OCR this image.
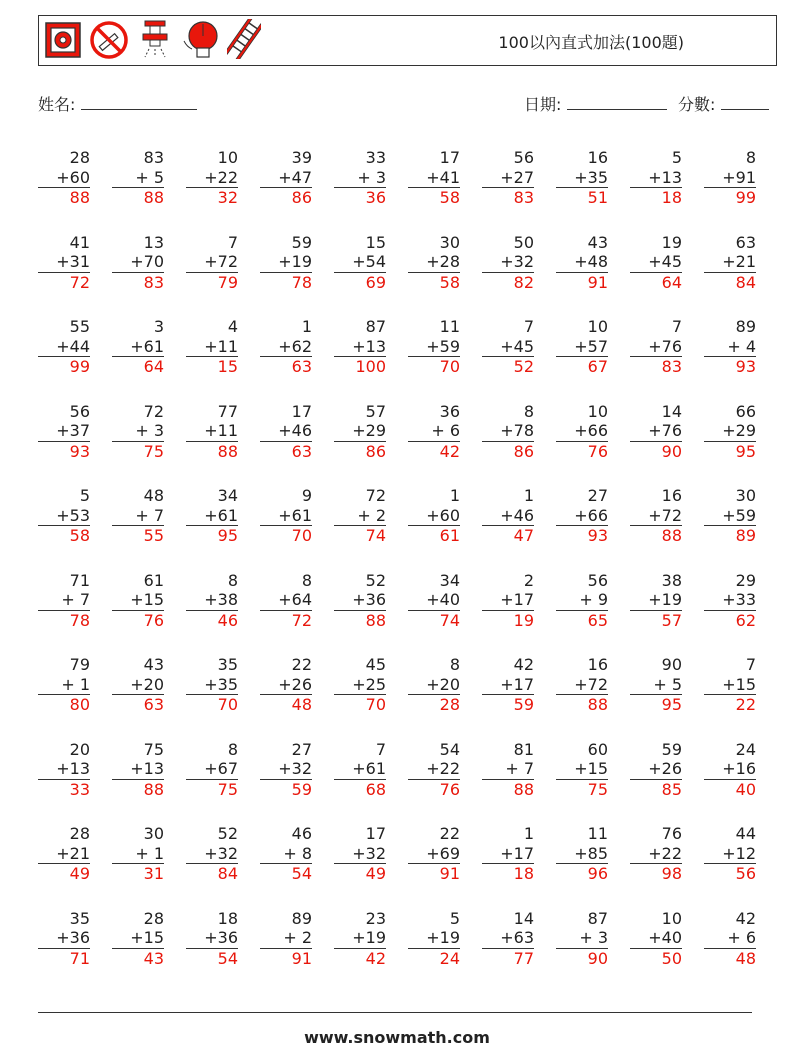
100以內直式加法(100題)
姓名:	日期:	分數:
28
+60
88
83
+ 5
88
10
+22
32
39
+47
86
33
+ 3
36
17
+41
58
56
+27
83
16
+35
51
5
+13
18
8
+91
99
41
+31
72
13
+70
83
7
+72
79
59
+19
78
15
+54
69
30
+28
58
50
+32
82
43
+48
91
19
+45
64
63
+21
84
55
+44
99
3
+61
64
4
+11
15
1
+62
63
87
+13
100
11
+59
70
7
+45
52
10
+57
67
7
+76
83
89
+ 4
93
56
+37
93
72
+ 3
75
77
+11
88
17
+46
63
57
+29
86
36
+ 6
42
8
+78
86
10
+66
76
14
+76
90
66
+29
95
5
+53
58
48
+ 7
55
34
+61
95
9
+61
70
72
+ 2
74
1
+60
61
1
+46
47
27
+66
93
16
+72
88
30
+59
89
71
+ 7
78
61
+15
76
8
+38
46
8
+64
72
52
+36
88
34
+40
74
2
+17
19
56
+ 9
65
38
+19
57
29
+33
62
79
+ 1
80
43
+20
63
35
+35
70
22
+26
48
45
+25
70
8
+20
28
42
+17
59
16
+72
88
90
+ 5
95
7
+15
22
20
+13
33
75
+13
88
8
+67
75
27
+32
59
7
+61
68
54
+22
76
81
+ 7
88
60
+15
75
59
+26
85
24
+16
40
28
+21
49
30
+ 1
31
52
+32
84
46
+ 8
54
17
+32
49
22
+69
91
1
+17
18
11
+85
96
76
+22
98
44
+12
56
35
+36
71
28
+15
43
18
+36
54
89
+ 2
91
23
+19
42
5
+19
24
14
+63
77
87
+ 3
90
10
+40
50
42
+ 6
48
www.snowmath.com
